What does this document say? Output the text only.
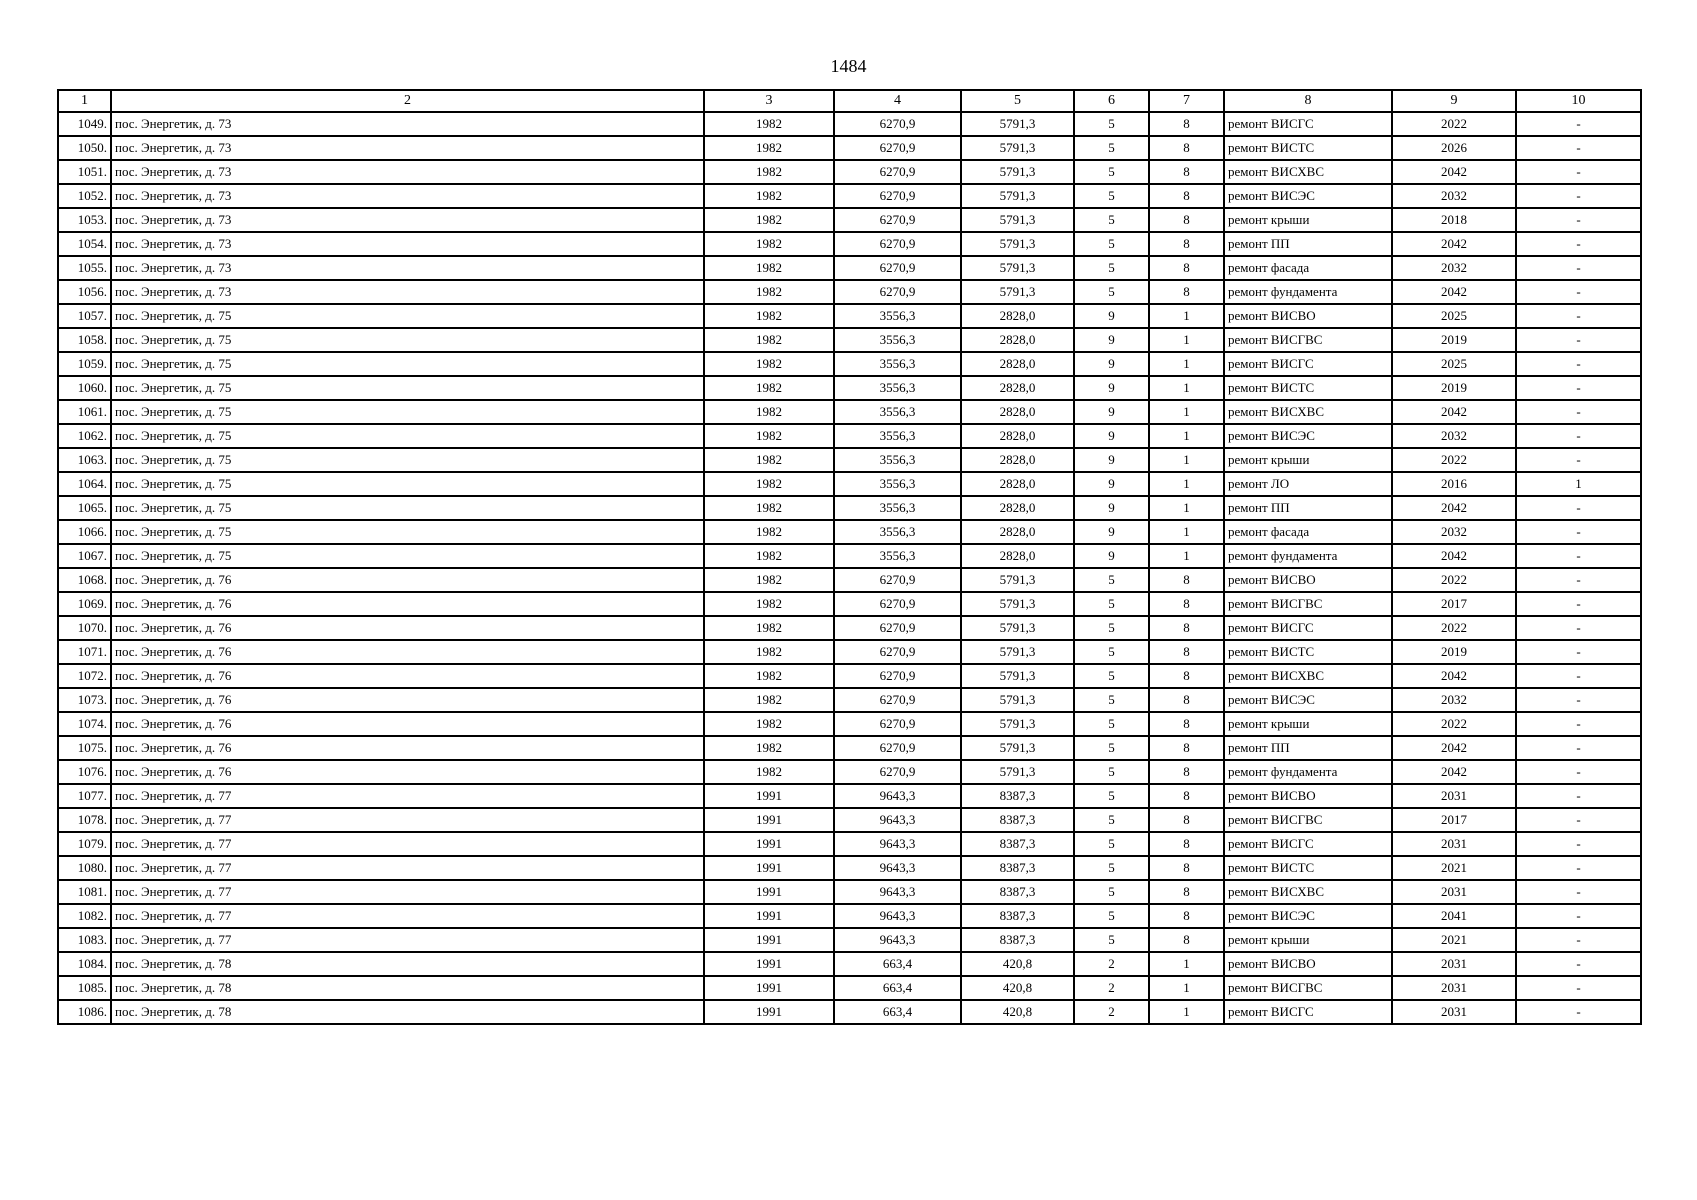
1484
1	2	3	4	5	6	7	8	9	10
1049.	пос. Энергетик, д. 73	1982	6270,9	5791,3	5	8	ремонт ВИСГС	2022	-
1050.	пос. Энергетик, д. 73	1982	6270,9	5791,3	5	8	ремонт ВИСТС	2026	-
1051.	пос. Энергетик, д. 73	1982	6270,9	5791,3	5	8	ремонт ВИСХВС	2042	-
1052.	пос. Энергетик, д. 73	1982	6270,9	5791,3	5	8	ремонт ВИСЭС	2032	-
1053.	пос. Энергетик, д. 73	1982	6270,9	5791,3	5	8	ремонт крыши	2018	-
1054.	пос. Энергетик, д. 73	1982	6270,9	5791,3	5	8	ремонт ПП	2042	-
1055.	пос. Энергетик, д. 73	1982	6270,9	5791,3	5	8	ремонт фасада	2032	-
1056.	пос. Энергетик, д. 73	1982	6270,9	5791,3	5	8	ремонт фундамента	2042	-
1057.	пос. Энергетик, д. 75	1982	3556,3	2828,0	9	1	ремонт ВИСВО	2025	-
1058.	пос. Энергетик, д. 75	1982	3556,3	2828,0	9	1	ремонт ВИСГВС	2019	-
1059.	пос. Энергетик, д. 75	1982	3556,3	2828,0	9	1	ремонт ВИСГС	2025	-
1060.	пос. Энергетик, д. 75	1982	3556,3	2828,0	9	1	ремонт ВИСТС	2019	-
1061.	пос. Энергетик, д. 75	1982	3556,3	2828,0	9	1	ремонт ВИСХВС	2042	-
1062.	пос. Энергетик, д. 75	1982	3556,3	2828,0	9	1	ремонт ВИСЭС	2032	-
1063.	пос. Энергетик, д. 75	1982	3556,3	2828,0	9	1	ремонт крыши	2022	-
1064.	пос. Энергетик, д. 75	1982	3556,3	2828,0	9	1	ремонт ЛО	2016	1
1065.	пос. Энергетик, д. 75	1982	3556,3	2828,0	9	1	ремонт ПП	2042	-
1066.	пос. Энергетик, д. 75	1982	3556,3	2828,0	9	1	ремонт фасада	2032	-
1067.	пос. Энергетик, д. 75	1982	3556,3	2828,0	9	1	ремонт фундамента	2042	-
1068.	пос. Энергетик, д. 76	1982	6270,9	5791,3	5	8	ремонт ВИСВО	2022	-
1069.	пос. Энергетик, д. 76	1982	6270,9	5791,3	5	8	ремонт ВИСГВС	2017	-
1070.	пос. Энергетик, д. 76	1982	6270,9	5791,3	5	8	ремонт ВИСГС	2022	-
1071.	пос. Энергетик, д. 76	1982	6270,9	5791,3	5	8	ремонт ВИСТС	2019	-
1072.	пос. Энергетик, д. 76	1982	6270,9	5791,3	5	8	ремонт ВИСХВС	2042	-
1073.	пос. Энергетик, д. 76	1982	6270,9	5791,3	5	8	ремонт ВИСЭС	2032	-
1074.	пос. Энергетик, д. 76	1982	6270,9	5791,3	5	8	ремонт крыши	2022	-
1075.	пос. Энергетик, д. 76	1982	6270,9	5791,3	5	8	ремонт ПП	2042	-
1076.	пос. Энергетик, д. 76	1982	6270,9	5791,3	5	8	ремонт фундамента	2042	-
1077.	пос. Энергетик, д. 77	1991	9643,3	8387,3	5	8	ремонт ВИСВО	2031	-
1078.	пос. Энергетик, д. 77	1991	9643,3	8387,3	5	8	ремонт ВИСГВС	2017	-
1079.	пос. Энергетик, д. 77	1991	9643,3	8387,3	5	8	ремонт ВИСГС	2031	-
1080.	пос. Энергетик, д. 77	1991	9643,3	8387,3	5	8	ремонт ВИСТС	2021	-
1081.	пос. Энергетик, д. 77	1991	9643,3	8387,3	5	8	ремонт ВИСХВС	2031	-
1082.	пос. Энергетик, д. 77	1991	9643,3	8387,3	5	8	ремонт ВИСЭС	2041	-
1083.	пос. Энергетик, д. 77	1991	9643,3	8387,3	5	8	ремонт крыши	2021	-
1084.	пос. Энергетик, д. 78	1991	663,4	420,8	2	1	ремонт ВИСВО	2031	-
1085.	пос. Энергетик, д. 78	1991	663,4	420,8	2	1	ремонт ВИСГВС	2031	-
1086.	пос. Энергетик, д. 78	1991	663,4	420,8	2	1	ремонт ВИСГС	2031	-
